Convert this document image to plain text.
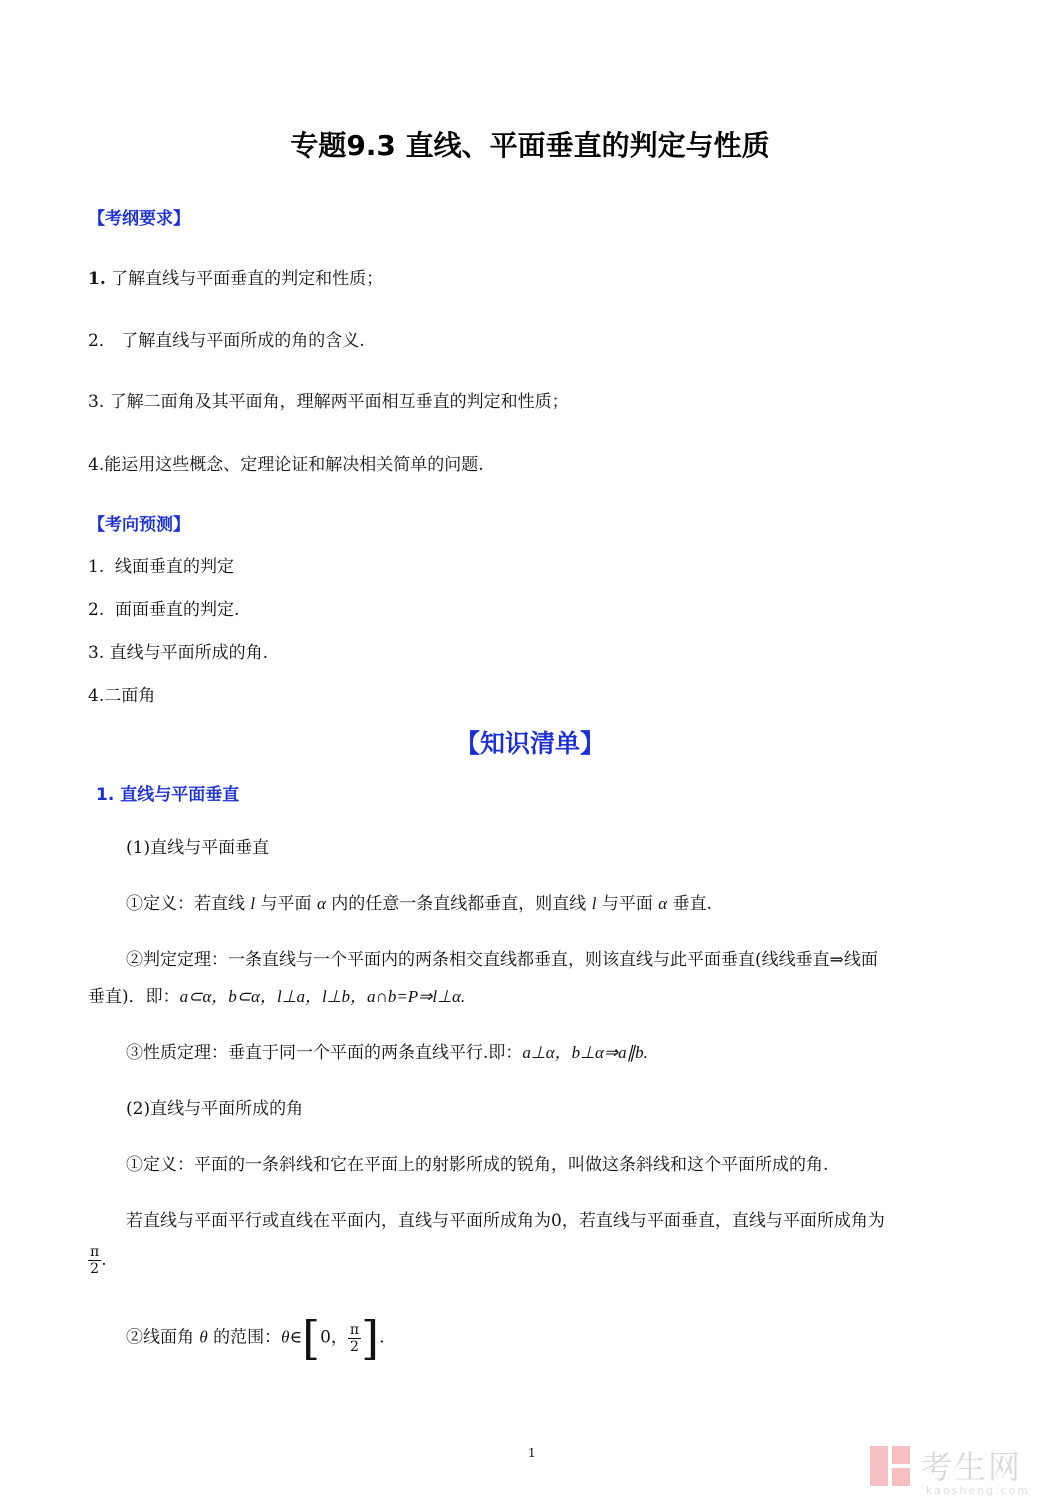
专题9.3 直线、平面垂直的判定与性质
【考纲要求】
1. 了解直线与平面垂直的判定和性质；
2． 了解直线与平面所成的角的含义.
3. 了解二面角及其平面角，理解两平面相互垂直的判定和性质；
4.能运用这些概念、定理论证和解决相关简单的问题.
【考向预测】
1. 线面垂直的判定
2. 面面垂直的判定.
3. 直线与平面所成的角.
4.二面角
【知识清单】
1. 直线与平面垂直
(1)直线与平面垂直
①定义：若直线 l 与平面 α 内的任意一条直线都垂直，则直线 l 与平面 α 垂直.
②判定定理：一条直线与一个平面内的两条相交直线都垂直，则该直线与此平面垂直(线线垂直⇒线面
垂直)．即：a⊂α，b⊂α，l⊥a，l⊥b，a∩b=P⇒l⊥α.
③性质定理：垂直于同一个平面的两条直线平行.即：a⊥α，b⊥α⇒a∥b.
(2)直线与平面所成的角
①定义：平面的一条斜线和它在平面上的射影所成的锐角，叫做这条斜线和这个平面所成的角.
若直线与平面平行或直线在平面内，直线与平面所成角为0，若直线与平面垂直，直线与平面所成角为
$\frac{\pi}{2}$ .
②线面角 θ 的范围：θ∈[0， $\frac{\pi}{2}$ ].
1	考生网
kaosheng.com
